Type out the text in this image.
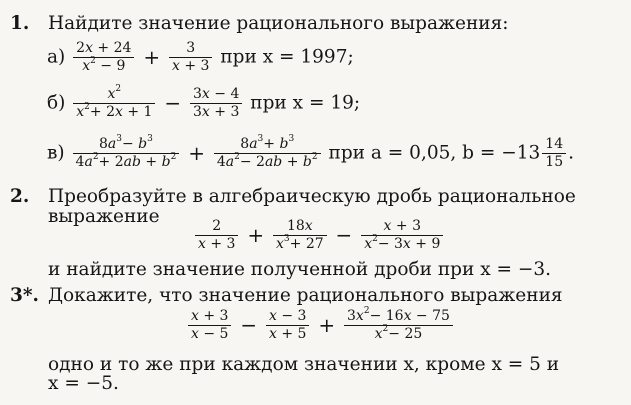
1. Найдите значение рационального выражения:
$а) \frac{2x + 24}{x^2 - 9} + \frac{3}{x + 3}$ при x = 1997;
$б) \frac{x^2}{x^2+ 2x + 1} - \frac{3x - 4}{3x + 3}$ при x = 19;
$в) \frac{8a^3- b^3}{4a^2+ 2ab + b^2} + \frac{8a^3+ b^3}{4a^2- 2ab + b^2}$ при a = 0,05, $b = -13 \frac{14}{15}$ .
2. Преобразуйте в алгебраическую дробь рациональное
выражение
$\frac{2}{x + 3} + \frac{18x}{x^3+ 27} - \frac{x + 3}{x^2- 3x + 9}$
и найдите значение полученной дроби при x = −3.
3*. Докажите, что значение рационального выражения
$\frac{x + 3}{x - 5} - \frac{x - 3}{x + 5} + \frac{3x^2- 16x - 75}{x^2- 25}$
одно и то же при каждом значении x, кроме x = 5 и
x = −5.
